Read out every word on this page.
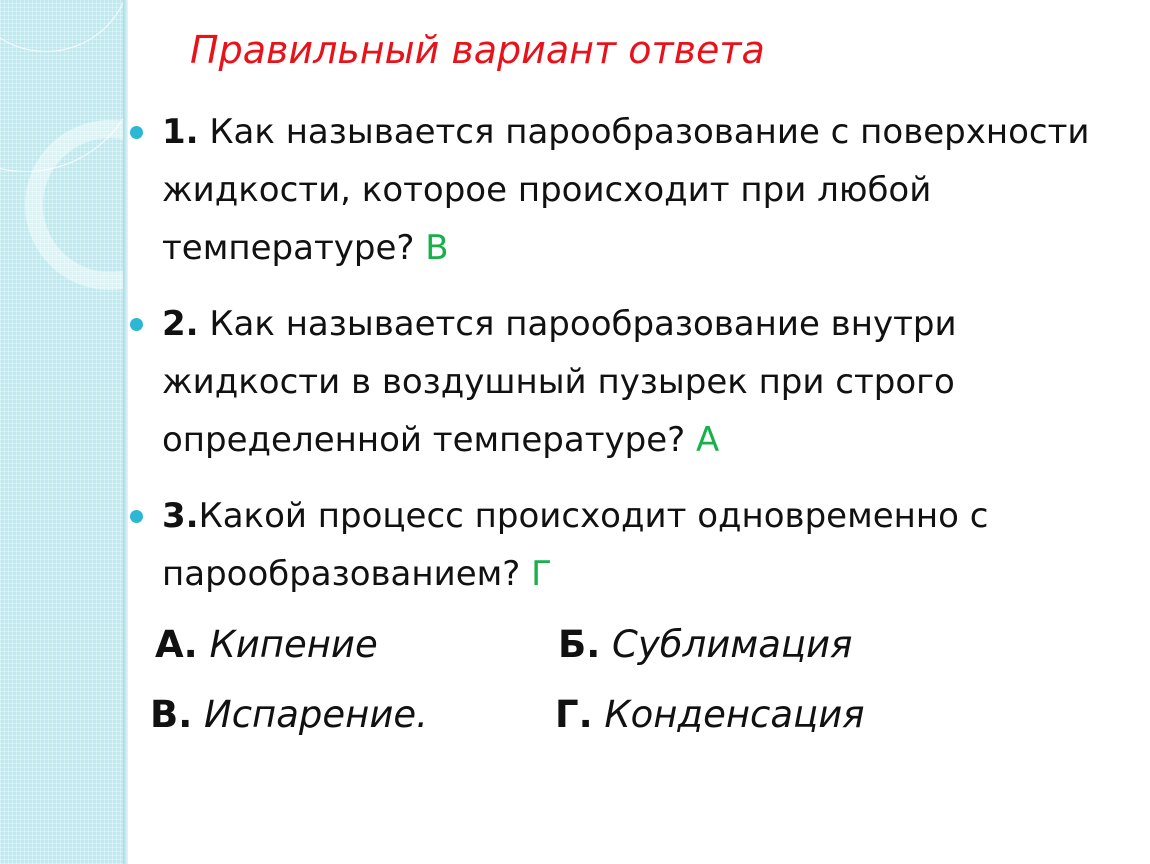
Правильный вариант ответа
1. Как называется парообразование с поверхности жидкости, которое происходит при любой температуре? В
2. Как называется парообразование внутри жидкости в воздушный пузырек при строго определенной температуре? А
3.Какой процесс происходит одновременно с парообразованием? Г
А. Кипение	Б. Сублимация
В. Испарение.	Г. Конденсация
